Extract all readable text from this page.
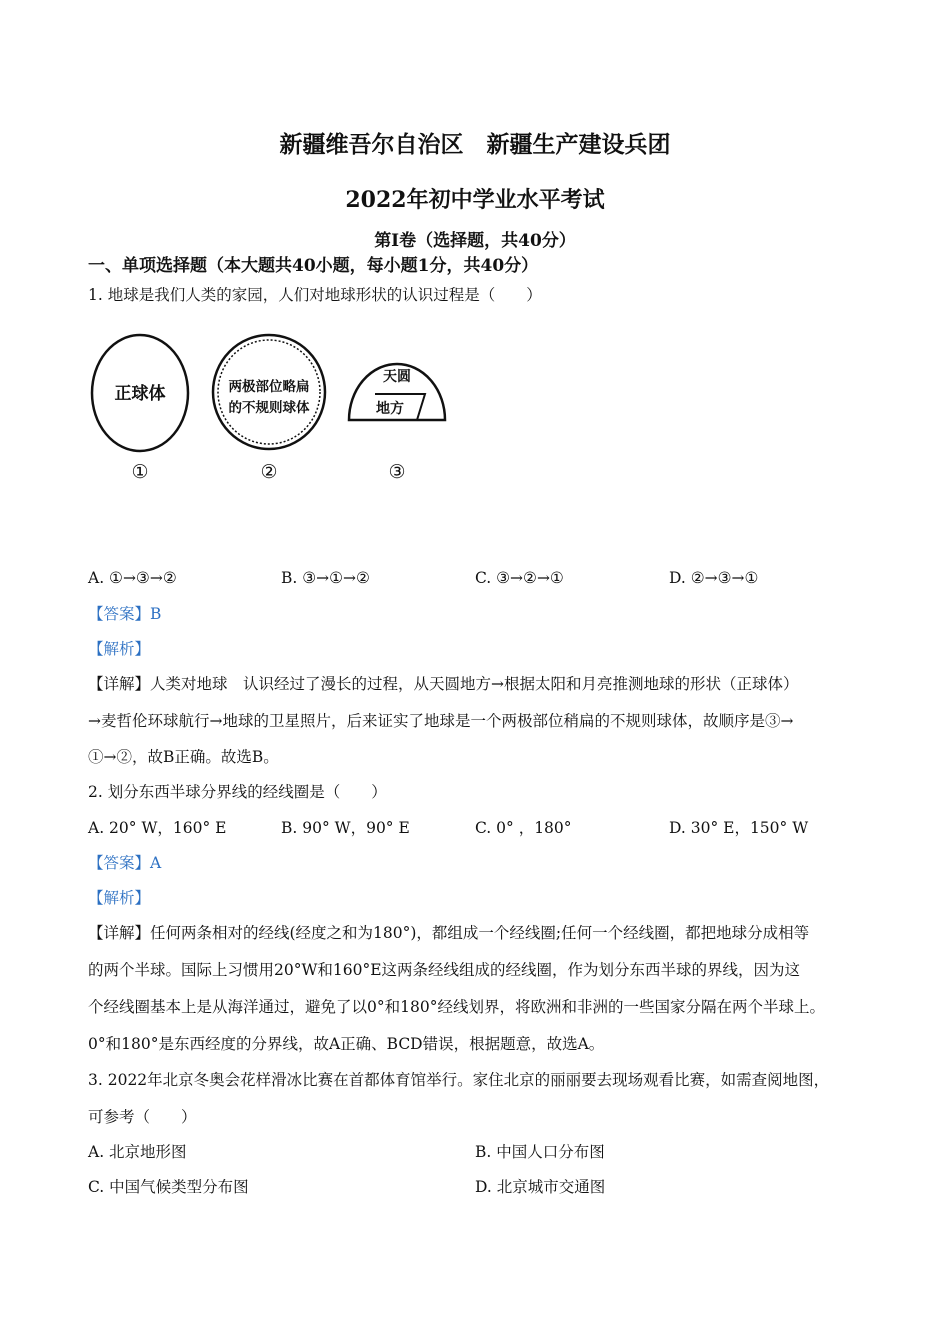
新疆维吾尔自治区　新疆生产建设兵团
2022年初中学业水平考试
第Ⅰ卷（选择题，共40分）
一、单项选择题（本大题共40小题，每小题1分，共40分）
1. 地球是我们人类的家园，人们对地球形状的认识过程是（　　）
正球体
①
两极部位略扁
的不规则球体
②
天圆
地方
③
A. ①→③→②	B. ③→①→②	C. ③→②→①	D. ②→③→①
【答案】B
【解析】
【详解】人类对地球　认识经过了漫长的过程，从天圆地方→根据太阳和月亮推测地球的形状（正球体）
→麦哲伦环球航行→地球的卫星照片，后来证实了地球是一个两极部位稍扁的不规则球体，故顺序是③→
①→②，故B正确。故选B。
2. 划分东西半球分界线的经线圈是（　　）
A. 20° W，160° E	B. 90° W，90° E	C. 0° ，180°	D. 30° E，150° W
【答案】A
【解析】
【详解】任何两条相对的经线(经度之和为180°)，都组成一个经线圈;任何一个经线圈，都把地球分成相等
的两个半球。国际上习惯用20°W和160°E这两条经线组成的经线圈，作为划分东西半球的界线，因为这
个经线圈基本上是从海洋通过，避免了以0°和180°经线划界，将欧洲和非洲的一些国家分隔在两个半球上。
0°和180°是东西经度的分界线，故A正确、BCD错误，根据题意，故选A。
3. 2022年北京冬奥会花样滑冰比赛在首都体育馆举行。家住北京的丽丽要去现场观看比赛，如需查阅地图，
可参考（　　）
A. 北京地形图	B. 中国人口分布图
C. 中国气候类型分布图	D. 北京城市交通图
